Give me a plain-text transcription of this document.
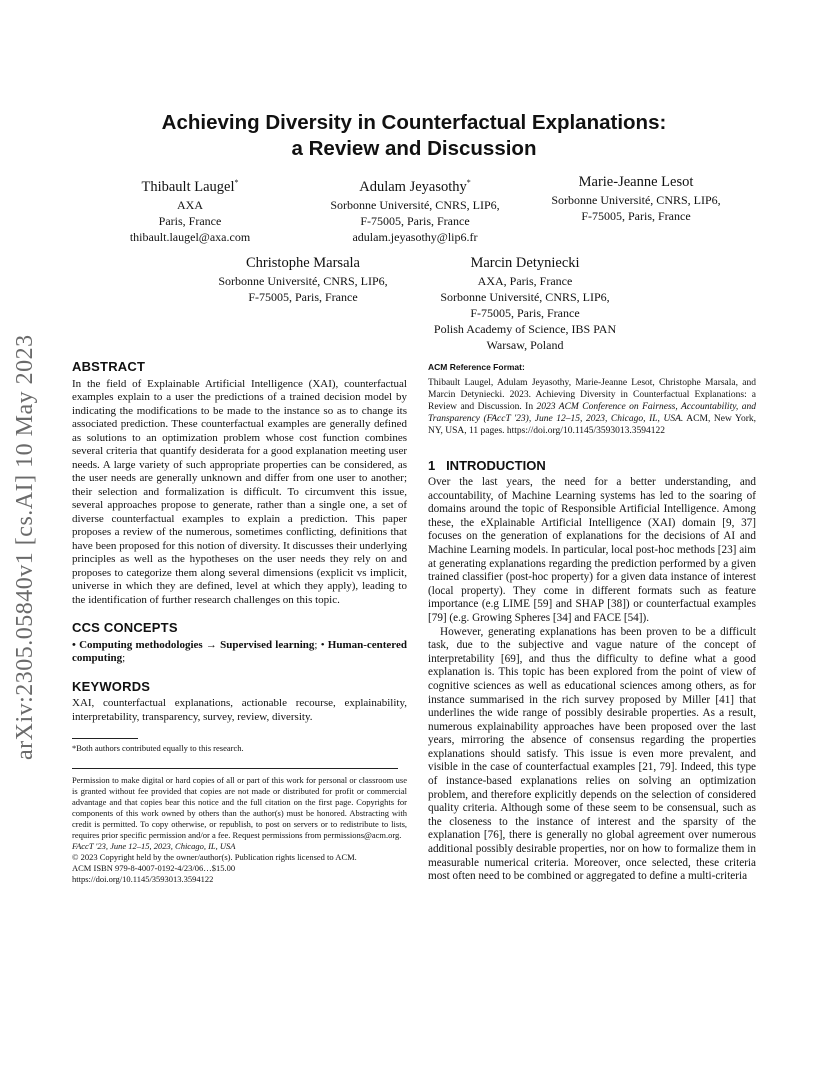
arXiv:2305.05840v1 [cs.AI] 10 May 2023
Achieving Diversity in Counterfactual Explanations:
a Review and Discussion
Thibault Laugel*
AXA
Paris, France
thibault.laugel@axa.com
Adulam Jeyasothy*
Sorbonne Université, CNRS, LIP6,
F-75005, Paris, France
adulam.jeyasothy@lip6.fr
Marie-Jeanne Lesot
Sorbonne Université, CNRS, LIP6,
F-75005, Paris, France
Christophe Marsala
Sorbonne Université, CNRS, LIP6,
F-75005, Paris, France
Marcin Detyniecki
AXA, Paris, France
Sorbonne Université, CNRS, LIP6,
F-75005, Paris, France
Polish Academy of Science, IBS PAN
Warsaw, Poland
ABSTRACT

In the field of Explainable Artificial Intelligence (XAI), counterfactual examples explain to a user the predictions of a trained decision model by indicating the modifications to be made to the instance so as to change its associated prediction. These counterfactual examples are generally defined as solutions to an optimization problem whose cost function combines several criteria that quantify desiderata for a good explanation meeting user needs. A large variety of such appropriate properties can be considered, as the user needs are generally unknown and differ from one user to another; their selection and formalization is difficult. To circumvent this issue, several approaches propose to generate, rather than a single one, a set of diverse counterfactual examples to explain a prediction. This paper proposes a review of the numerous, sometimes conflicting, definitions that have been proposed for this notion of diversity. It discusses their underlying principles as well as the hypotheses on the user needs they rely on and proposes to categorize them along several dimensions (explicit vs implicit, universe in which they are defined, level at which they apply), leading to the identification of further research challenges on this topic.

CCS CONCEPTS

• Computing methodologies → Supervised learning; • Human-centered computing;

KEYWORDS

XAI, counterfactual explanations, actionable recourse, explainability, interpretability, transparency, survey, review, diversity.

*Both authors contributed equally to this research.

Permission to make digital or hard copies of all or part of this work for personal or classroom use is granted without fee provided that copies are not made or distributed for profit or commercial advantage and that copies bear this notice and the full citation on the first page. Copyrights for components of this work owned by others than the author(s) must be honored. Abstracting with credit is permitted. To copy otherwise, or republish, to post on servers or to redistribute to lists, requires prior specific permission and/or a fee. Request permissions from permissions@acm.org.

FAccT '23, June 12–15, 2023, Chicago, IL, USA

© 2023 Copyright held by the owner/author(s). Publication rights licensed to ACM.

ACM ISBN 979-8-4007-0192-4/23/06…$15.00

https://doi.org/10.1145/3593013.3594122

ACM Reference Format:

Thibault Laugel, Adulam Jeyasothy, Marie-Jeanne Lesot, Christophe Marsala, and Marcin Detyniecki. 2023. Achieving Diversity in Counterfactual Explanations: a Review and Discussion. In 2023 ACM Conference on Fairness, Accountability, and Transparency (FAccT '23), June 12–15, 2023, Chicago, IL, USA. ACM, New York, NY, USA, 11 pages. https://doi.org/10.1145/3593013.3594122

1   INTRODUCTION

Over the last years, the need for a better understanding, and accountability, of Machine Learning systems has led to the soaring of domains around the topic of Responsible Artificial Intelligence. Among these, the eXplainable Artificial Intelligence (XAI) domain [9, 37] focuses on the generation of explanations for the decisions of AI and Machine Learning models. In particular, local post-hoc methods [23] aim at generating explanations regarding the prediction performed by a given trained classifier (post-hoc property) for a given data instance of interest (local property). They come in different formats such as feature importance (e.g LIME [59] and SHAP [38]) or counterfactual examples [79] (e.g. Growing Spheres [34] and FACE [54]).

However, generating explanations has been proven to be a difficult task, due to the subjective and vague nature of the concept of interpretability [69], and thus the difficulty to define what a good explanation is. This topic has been explored from the point of view of cognitive sciences as well as educational sciences among others, as for instance summarised in the rich survey proposed by Miller [41] that underlines the wide range of possibly desirable properties. As a result, numerous explainability approaches have been proposed over the last years, mirroring the absence of consensus regarding the properties explanations should satisfy. This issue is even more prevalent, and visible in the case of counterfactual examples [21, 79]. Indeed, this type of instance-based explanations relies on solving an optimization problem, and therefore explicitly depends on the selection of considered quality criteria. Although some of these seem to be consensual, such as the closeness to the instance of interest and the sparsity of the explanation [76], there is generally no global agreement over numerous additional possibly desirable properties, nor on how to formalize them in measurable numerical criteria. Moreover, once selected, these criteria most often need to be combined or aggregated to define a multi-criteria
